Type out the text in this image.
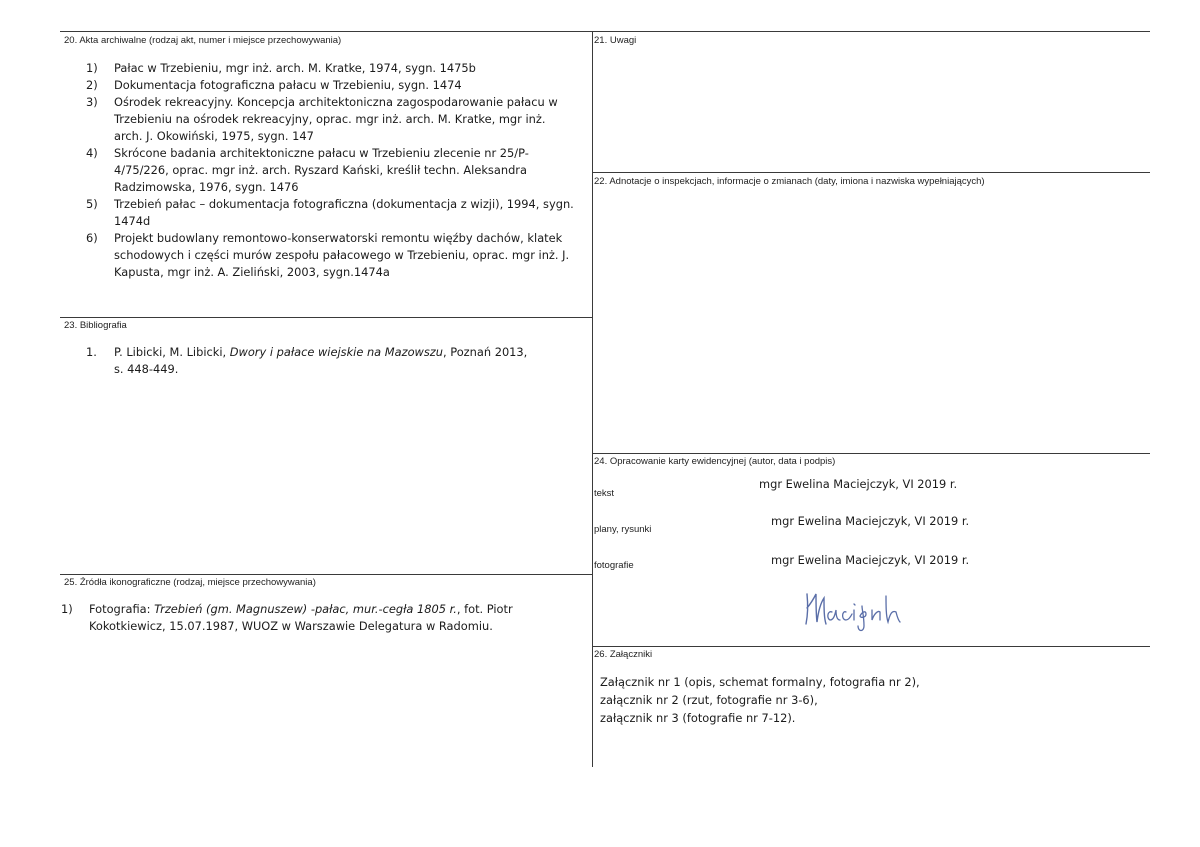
20. Akta archiwalne (rodzaj akt, numer i miejsce przechowywania)
1) Pałac w Trzebieniu, mgr inż. arch. M. Kratke, 1974, sygn. 1475b
2) Dokumentacja fotograficzna pałacu w Trzebieniu, sygn. 1474
3) Ośrodek rekreacyjny. Koncepcja architektoniczna zagospodarowanie pałacu w
Trzebieniu na ośrodek rekreacyjny, oprac. mgr inż. arch. M. Kratke, mgr inż.
arch. J. Okowiński, 1975, sygn. 147
4) Skrócone badania architektoniczne pałacu w Trzebieniu zlecenie nr 25/P-
4/75/226, oprac. mgr inż. arch. Ryszard Kański, kreślił techn. Aleksandra
Radzimowska, 1976, sygn. 1476
5) Trzebień pałac – dokumentacja fotograficzna (dokumentacja z wizji), 1994, sygn.
1474d
6) Projekt budowlany remontowo-konserwatorski remontu więźby dachów, klatek
schodowych i części murów zespołu pałacowego w Trzebieniu, oprac. mgr inż. J.
Kapusta, mgr inż. A. Zieliński, 2003, sygn.1474a
21. Uwagi
22. Adnotacje o inspekcjach, informacje o zmianach (daty, imiona i nazwiska wypełniających)
23. Bibliografia
1. P. Libicki, M. Libicki, Dwory i pałace wiejskie na Mazowszu, Poznań 2013,
s. 448-449.
24. Opracowanie karty ewidencyjnej (autor, data i podpis)
tekst
mgr Ewelina Maciejczyk, VI 2019 r.
plany, rysunki
mgr Ewelina Maciejczyk, VI 2019 r.
fotografie	mgr Ewelina Maciejczyk, VI 2019 r.
25. Źródła ikonograficzne (rodzaj, miejsce przechowywania)
1) Fotografia: Trzebień (gm. Magnuszew) -pałac, mur.-cegła 1805 r., fot. Piotr
Kokotkiewicz, 15.07.1987, WUOZ w Warszawie Delegatura w Radomiu.
26. Załączniki
Załącznik nr 1 (opis, schemat formalny, fotografia nr 2),
załącznik nr 2 (rzut, fotografie nr 3-6),
załącznik nr 3 (fotografie nr 7-12).
